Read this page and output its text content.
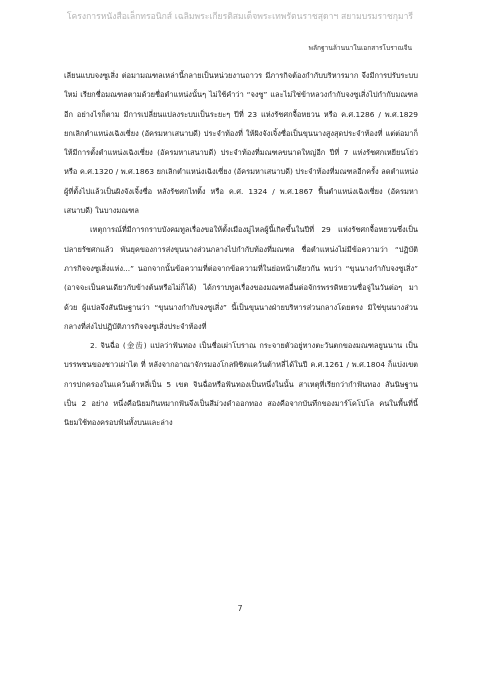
โครงการหนังสือเล็กทรอนิกส์ เฉลิมพระเกียรติสมเด็จพระเทพรัตนราชสุดาฯ สยามบรมราชกุมารี
พลักฐานล้านนาในเอกสารโบราณจีน

เลียนแบบจงซูเสิ่ง ต่อมามณฑลเหล่านี้กลายเป็นหน่วยงานถาวร มีภารกิจต้องกำกับบริหารมาก จึงมีการปรับระบบใหม่ เรียกชื่อมณฑลตามด้วยชื่อตำแหน่งนั้นๆ ไม่ใช้คำว่า “จงซู” และไม่ใช่ข้าหลวงกำกับจงซูเสิ่งไปกำกับมณฑลอีก อย่างไรก็ตาม มีการเปลี่ยนแปลงระบบเป็นระยะๆ ปีที่ 23 แห่งรัชศกจื้อหยวน หรือ ค.ศ.1286 / พ.ศ.1829 ยกเลิกตำแหน่งเฉิงเซี่ยง (อัครมหาเสนาบดี) ประจำท้องที่ ให้ผิงจังเจิ้งซื่อเป็นขุนนางสูงสุดประจำท้องที่ แต่ต่อมาก็ให้มีการตั้งตำแหน่งเฉิงเซี่ยง (อัครมหาเสนาบดี) ประจำท้องที่มณฑลขนาดใหญ่อีก ปีที่ 7 แห่งรัชศกเหยียนโย่ว หรือ ค.ศ.1320 / พ.ศ.1863 ยกเลิกตำแหน่งเฉิงเซี่ยง (อัครมหาเสนาบดี) ประจำท้องที่มณฑลอีกครั้ง ลดตำแหน่งผู้ที่ตั้งไปแล้วเป็นผิงจังเจิ้งซื่อ หลังรัชศกไทติ้ง หรือ ค.ศ. 1324 / พ.ศ.1867 ฟื้นตำแหน่งเฉิงเซี่ยง (อัครมหาเสนาบดี) ในบางมณฑล

เหตุการณ์ที่มีการกราบบังคมทูลเรื่องขอให้ตั้งเมืองมู่ไหลผู้นี้เกิดขึ้นในปีที่ 29 แห่งรัชศกจื้อหยวนซึ่งเป็นปลายรัชศกแล้ว พันยุคของการส่งขุนนางส่วนกลางไปกำกับท้องที่มณฑล ชื่อตำแหน่งไม่มีข้อความว่า “ปฏิบัติภารกิจจงซูเสิ่งแห่ง...” นอกจากนั้นข้อความที่ต่อจากข้อความที่ในย่อหน้าเดียวกัน พบว่า “ขุนนางกำกับจงซูเสิ่ง” (อาจจะเป็นคนเดียวกับข้างต้นหรือไม่ก็ได้) ได้กราบทูลเรื่องของมณฑลอื่นต่อจักรพรรดิหยวนซื่อจู่ในวันต่อๆ มาด้วย ผู้แปลจึงสันนิษฐานว่า “ขุนนางกำกับจงซูเสิ่ง” นี้เป็นขุนนางฝ่ายบริหารส่วนกลางโดยตรง มิใช่ขุนนางส่วนกลางที่ส่งไปปฏิบัติภารกิจจงซูเสิ่งประจำท้องที่

2. จินฉื่อ (金齿) แปลว่าฟันทอง เป็นชื่อเผ่าโบราณ กระจายตัวอยู่ทางตะวันตกของมณฑลยูนนาน เป็นบรรพชนของชาวเผ่าไต ที่ หลังจากอาณาจักรมองโกลพิชิตแคว้นต้าหลี่ได้ในปี ค.ศ.1261 / พ.ศ.1804 ก็แบ่งเขตการปกครองในแคว้นต้าหลี่เป็น 5 เขต จินฉื่อหรือฟันทองเป็นหนึ่งในนั้น สาเหตุที่เรียกว่ากำฟันทอง สันนิษฐานเป็น 2 อย่าง หนึ่งคือนิยมกินหมากฟันจึงเป็นสีม่วงดำออกทอง สองคือจากบันทึกของมาร์โคโปโล คนในพื้นที่นี้นิยมใช้ทองครอบฟันทั้งบนและล่าง

7
